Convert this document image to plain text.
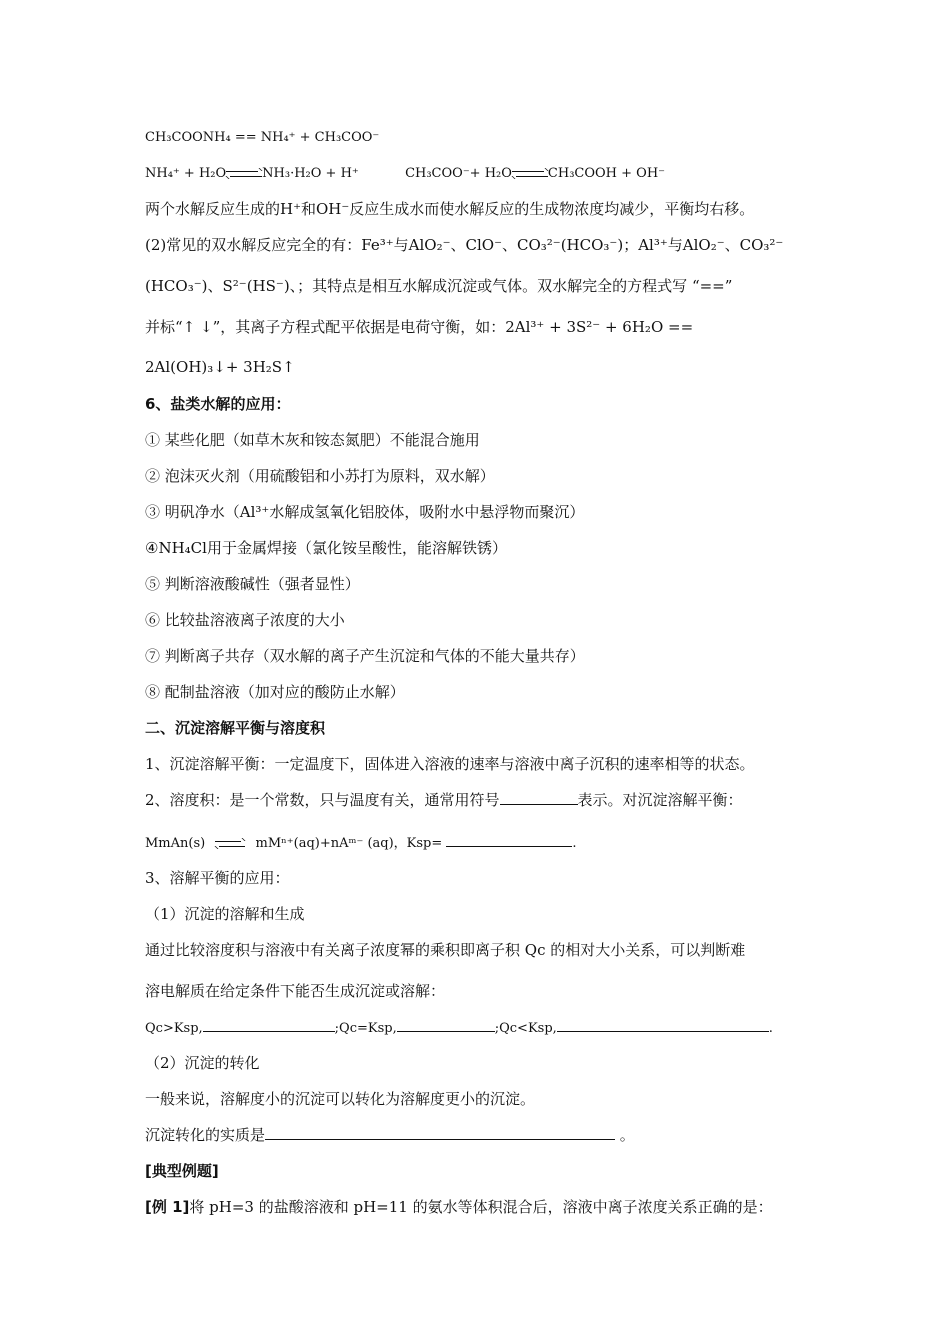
CH₃COONH₄ == NH₄⁺ + CH₃COO⁻
NH₄⁺ + H₂O	NH₃·H₂O + H⁺	CH₃COO⁻+ H₂O	CH₃COOH + OH⁻
两个水解反应生成的H⁺和OH⁻反应生成水而使水解反应的生成物浓度均减少，平衡均右移。
(2)常见的双水解反应完全的有：Fe³⁺与AlO₂⁻、ClO⁻、CO₃²⁻(HCO₃⁻)；Al³⁺与AlO₂⁻、CO₃²⁻
(HCO₃⁻)、S²⁻(HS⁻)、；其特点是相互水解成沉淀或气体。双水解完全的方程式写 “==”
并标“↑ ↓”，其离子方程式配平依据是电荷守衡，如：2Al³⁺ + 3S²⁻ + 6H₂O ==
2Al(OH)₃↓+ 3H₂S↑
6、盐类水解的应用：
① 某些化肥（如草木灰和铵态氮肥）不能混合施用
② 泡沫灭火剂（用硫酸铝和小苏打为原料，双水解）
③ 明矾净水（Al³⁺水解成氢氧化铝胶体，吸附水中悬浮物而聚沉）
④NH₄Cl用于金属焊接（氯化铵呈酸性，能溶解铁锈）
⑤ 判断溶液酸碱性（强者显性）
⑥ 比较盐溶液离子浓度的大小
⑦ 判断离子共存（双水解的离子产生沉淀和气体的不能大量共存）
⑧ 配制盐溶液（加对应的酸防止水解）
二、沉淀溶解平衡与溶度积
1、沉淀溶解平衡：一定温度下，固体进入溶液的速率与溶液中离子沉积的速率相等的状态。
2、溶度积：是一个常数，只与温度有关，通常用符号	表示。对沉淀溶解平衡：
MmAn(s)	mMⁿ⁺(aq)+nAᵐ⁻ (aq)，Ksp=	.
3、溶解平衡的应用：
（1）沉淀的溶解和生成
通过比较溶度积与溶液中有关离子浓度幂的乘积即离子积 Qc 的相对大小关系，可以判断难
溶电解质在给定条件下能否生成沉淀或溶解：
Qc>Ksp,	;Qc=Ksp,	;Qc<Ksp,	.
（2）沉淀的转化
一般来说，溶解度小的沉淀可以转化为溶解度更小的沉淀。
沉淀转化的实质是	。
[典型例题]
[例 1]将 pH=3 的盐酸溶液和 pH=11 的氨水等体积混合后，溶液中离子浓度关系正确的是：
